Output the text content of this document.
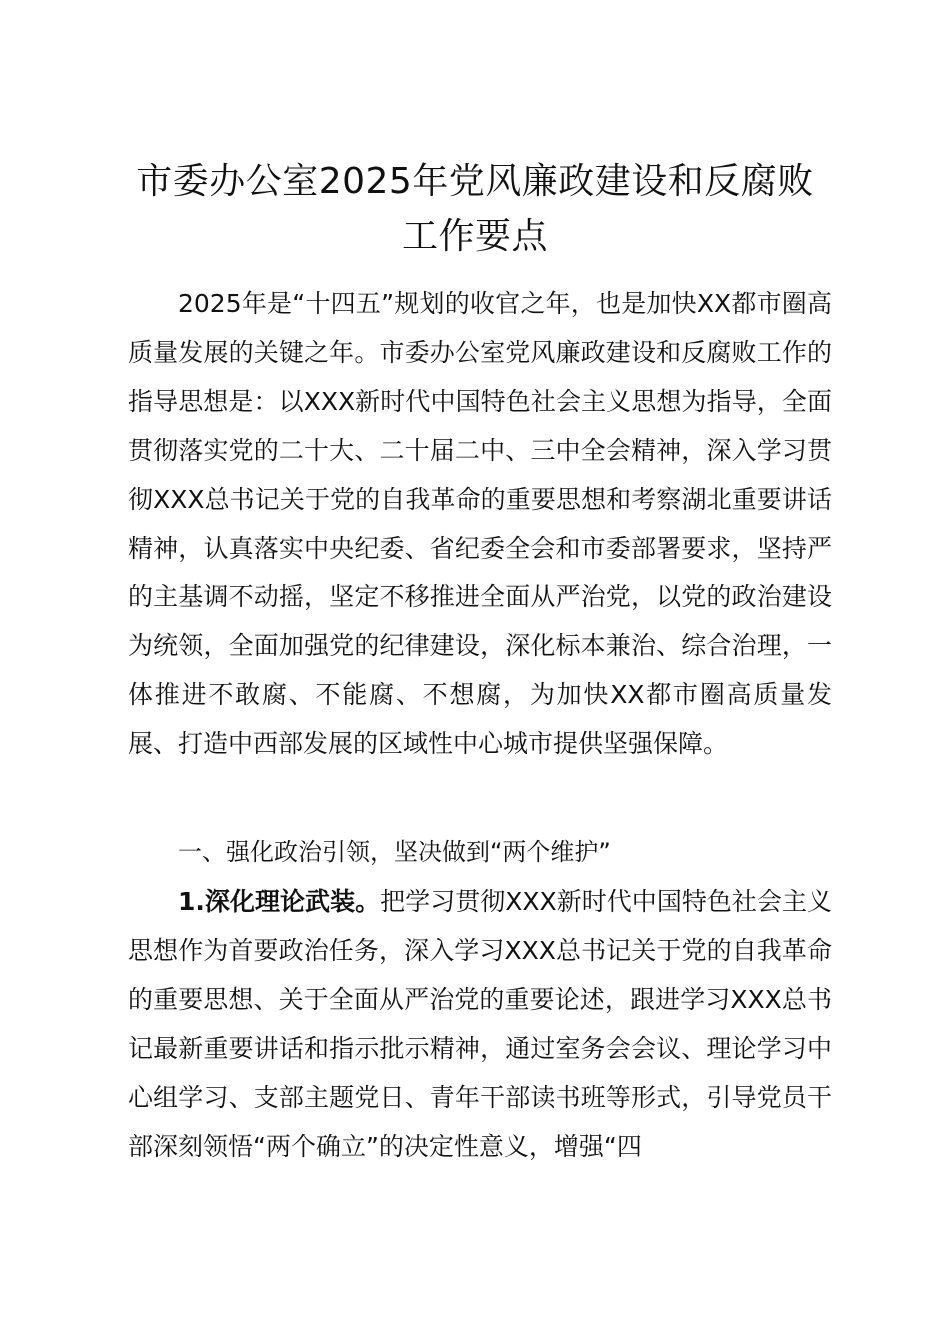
市委办公室2025年党风廉政建设和反腐败工作要点

2025年是“十四五”规划的收官之年，也是加快XX都市圈高质量发展的关键之年。市委办公室党风廉政建设和反腐败工作的指导思想是：以XXX新时代中国特色社会主义思想为指导，全面贯彻落实党的二十大、二十届二中、三中全会精神，深入学习贯彻XXX总书记关于党的自我革命的重要思想和考察湖北重要讲话精神，认真落实中央纪委、省纪委全会和市委部署要求，坚持严的主基调不动摇，坚定不移推进全面从严治党，以党的政治建设为统领，全面加强党的纪律建设，深化标本兼治、综合治理，一体推进不敢腐、不能腐、不想腐，为加快XX都市圈高质量发展、打造中西部发展的区域性中心城市提供坚强保障。

一、强化政治引领，坚决做到“两个维护”

1.深化理论武装。把学习贯彻XXX新时代中国特色社会主义思想作为首要政治任务，深入学习XXX总书记关于党的自我革命的重要思想、关于全面从严治党的重要论述，跟进学习XXX总书记最新重要讲话和指示批示精神，通过室务会会议、理论学习中心组学习、支部主题党日、青年干部读书班等形式，引导党员干部深刻领悟“两个确立”的决定性意义，增强“四
